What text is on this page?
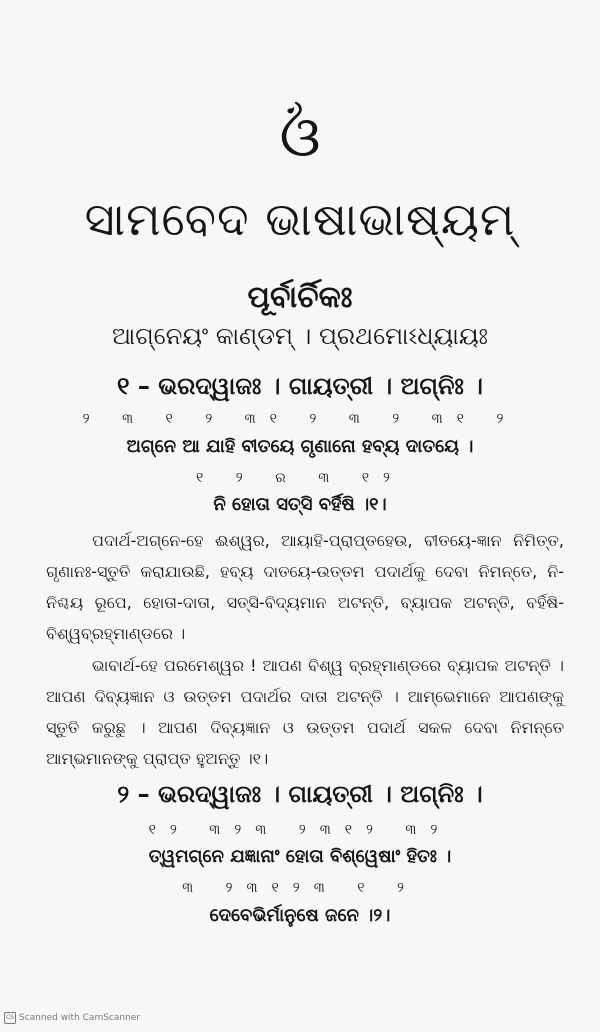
ଓଁ

ସାମବେଦ ଭାଷାଭାଷ୍ୟମ୍

ପୂର୍ବାର୍ଚିକଃ

ଆଗ୍ନେୟଂ କାଣ୍ଡମ୍ । ପ୍ରଥମୋଽଧ୍ୟାୟଃ

୧ – ଭରଦ୍ୱାଜଃ । ଗାୟତ୍ରୀ । ଅଗ୍ନିଃ ।

୨ ୩ ୧ ୨ ୩୧ ୨ ୩ ୨ ୩୧ ୨

ଅଗ୍ନେ ଆ ଯାହି ବୀତୟେ ଗୃଣାନୋ ହବ୍ୟ ଦାତୟେ ।

୧ ୨ ର ୩ ୧୨

ନି ହୋତା ସତ୍ସି ବର୍ହିଷି ।୧।

ପଦାର୍ଥ-ଅଗ୍ନେ-ହେ ଈଶ୍ୱର, ଆୟାହି-ପ୍ରାପ୍ତହେଉ, ବୀତୟେ-ଜ୍ଞାନ ନିମିତ୍ତ, ଗୃଣାନଃ-ସ୍ତୁତି କରାଯାଉଛି, ହବ୍ୟ ଦାତୟେ-ଉତ୍ତମ ପଦାର୍ଥକୁ ଦେବା ନିମନ୍ତେ, ନି-ନିଶ୍ଚୟ ରୂପେ, ହୋତା-ଦାତା, ସତ୍ସି-ବିଦ୍ୟମାନ ଅଟନ୍ତି, ବ୍ୟାପକ ଅଟନ୍ତି, ବର୍ହିଷି-ବିଶ୍ୱବ୍ରହ୍ମାଣ୍ଡରେ ।

ଭାବାର୍ଥ-ହେ ପରମେଶ୍ୱର ! ଆପଣ ବିଶ୍ୱ ବ୍ରହ୍ମାଣ୍ଡରେ ବ୍ୟାପକ ଅଟନ୍ତି । ଆପଣ ଦିବ୍ୟଜ୍ଞାନ ଓ ଉତ୍ତମ ପଦାର୍ଥର ଦାତା ଅଟନ୍ତି । ଆମ୍ଭେମାନେ ଆପଣଙ୍କୁ ସ୍ତୁତି କରୁଛୁ । ଆପଣ ଦିବ୍ୟଜ୍ଞାନ ଓ ଉତ୍ତମ ପଦାର୍ଥ ସକଳ ଦେବା ନିମନ୍ତେ ଆମ୍ଭମାନଙ୍କୁ ପ୍ରାପ୍ତ ହୁଅନ୍ତୁ ।୧।

୨ – ଭରଦ୍ୱାଜଃ । ଗାୟତ୍ରୀ । ଅଗ୍ନିଃ ।

୧୨ ୩୨୩ ୨୩୧୨ ୩୨

ତ୍ୱମଗ୍ନେ ଯଜ୍ଞାନାଂ ହୋତା ବିଶ୍ୱେଷାଂ ହିତଃ ।

୩ ୨୩୧୨୩ ୧ ୨

ଦେବେଭିର୍ମାନୁଷେ ଜନେ ।୨।

CS Scanned with CamScanner
